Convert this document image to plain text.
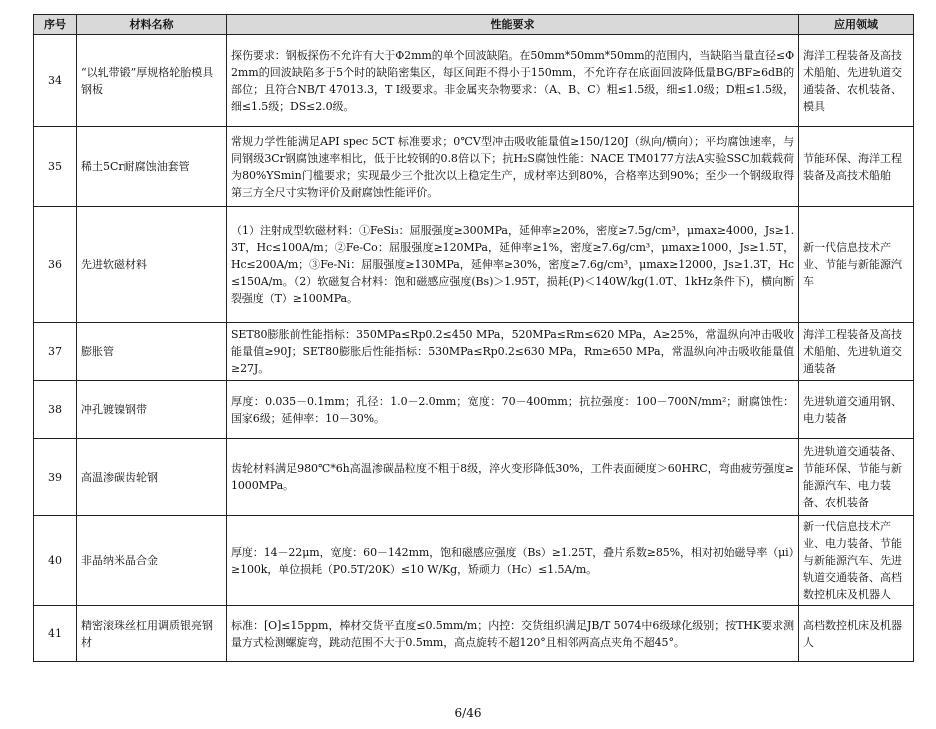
序号	材料名称	性能要求	应用领域
34	“以轧带锻”厚规格轮胎模具钢板	探伤要求：钢板探伤不允许有大于Φ2mm的单个回波缺陷。在50mm*50mm*50mm的范围内，当缺陷当量直径≤Φ2mm的回波缺陷多于5个时的缺陷密集区，每区间距不得小于150mm，不允许存在底面回波降低量BG/BF≥6dB的部位；且符合NB/T 47013.3，T I级要求。非金属夹杂物要求：（A、B、C）粗≤1.5级，细≤1.0级；D粗≤1.5级，细≤1.5级；DS≤2.0级。	海洋工程装备及高技术船舶、先进轨道交通装备、农机装备、模具
35	稀土5Cr耐腐蚀油套管	常规力学性能满足API spec 5CT 标准要求；0℃V型冲击吸收能量值≥150/120J（纵向/横向）；平均腐蚀速率，与同钢级3Cr钢腐蚀速率相比，低于比较钢的0.8倍以下；抗H₂S腐蚀性能：NACE TM0177方法A实验SSC加载载荷为80%YSmin门槛要求；实现最少三个批次以上稳定生产，成材率达到80%，合格率达到90%；至少一个钢级取得第三方全尺寸实物评价及耐腐蚀性能评价。	节能环保、海洋工程装备及高技术船舶
36	先进软磁材料	（1）注射成型软磁材料：①FeSi₃：屈服强度≥300MPa，延伸率≥20%，密度≥7.5g/cm³，μmax≥4000，Js≥1.3T，Hc≤100A/m；②Fe-Co：屈服强度≥120MPa，延伸率≥1%，密度≥7.6g/cm³，μmax≥1000，Js≥1.5T，Hc≤200A/m；③Fe-Ni：屈服强度≥130MPa，延伸率≥30%，密度≥7.6g/cm³，μmax≥12000，Js≥1.3T，Hc≤150A/m。（2）软磁复合材料：饱和磁感应强度(Bs)＞1.95T，损耗(P)＜140W/kg(1.0T、1kHz条件下)，横向断裂强度（T）≥100MPa。	新一代信息技术产业、节能与新能源汽车
37	膨胀管	SET80膨胀前性能指标：350MPa≤Rp0.2≤450 MPa，520MPa≤Rm≤620 MPa，A≥25%，常温纵向冲击吸收能量值≥90J；SET80膨胀后性能指标：530MPa≤Rp0.2≤630 MPa，Rm≥650 MPa，常温纵向冲击吸收能量值≥27J。	海洋工程装备及高技术船舶、先进轨道交通装备
38	冲孔镀镍钢带	厚度：0.035－0.1mm；孔径：1.0－2.0mm；宽度：70－400mm；抗拉强度：100－700N/mm²；耐腐蚀性：国家6级；延伸率：10－30%。	先进轨道交通用钢、电力装备
39	高温渗碳齿轮钢	齿轮材料满足980℃*6h高温渗碳晶粒度不粗于8级，淬火变形降低30%，工件表面硬度＞60HRC，弯曲疲劳强度≥1000MPa。	先进轨道交通装备、节能环保、节能与新能源汽车、电力装备、农机装备
40	非晶纳米晶合金	厚度：14－22μm，宽度：60－142mm，饱和磁感应强度（Bs）≥1.25T，叠片系数≥85%，相对初始磁导率（μi）≥100k，单位损耗（P0.5T/20K）≤10 W/Kg，矫顽力（Hc）≤1.5A/m。	新一代信息技术产业、电力装备、节能与新能源汽车、先进轨道交通装备、高档数控机床及机器人
41	精密滚珠丝杠用调质银亮钢材	标准：[O]≤15ppm，棒材交货平直度≤0.5mm/m；内控：交货组织满足JB/T 5074中6级球化级别；按THK要求测量方式检测螺旋弯，跳动范围不大于0.5mm，高点旋转不超120°且相邻两高点夹角不超45°。	高档数控机床及机器人
6/46
